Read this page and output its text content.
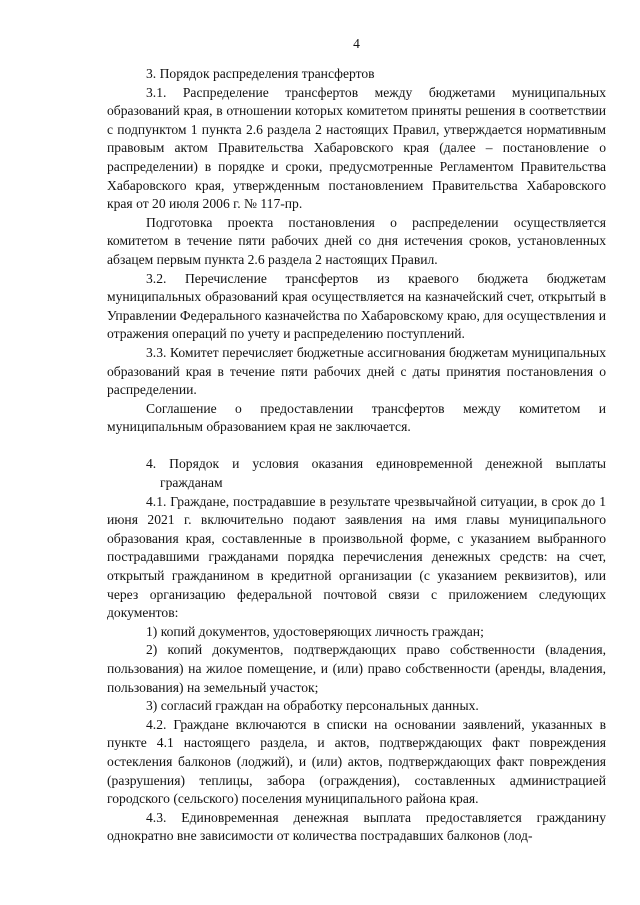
4

3. Порядок распределения трансфертов

3.1. Распределение трансфертов между бюджетами муниципальных образований края, в отношении которых комитетом приняты решения в соответствии с подпунктом 1 пункта 2.6 раздела 2 настоящих Правил, утверждается нормативным правовым актом Правительства Хабаровского края (далее – постановление о распределении) в порядке и сроки, предусмотренные Регламентом Правительства Хабаровского края, утвержденным постановлением Правительства Хабаровского края от 20 июля 2006 г. № 117-пр.

Подготовка проекта постановления о распределении осуществляется комитетом в течение пяти рабочих дней со дня истечения сроков, установленных абзацем первым пункта 2.6 раздела 2 настоящих Правил.

3.2. Перечисление трансфертов из краевого бюджета бюджетам муниципальных образований края осуществляется на казначейский счет, открытый в Управлении Федерального казначейства по Хабаровскому краю, для осуществления и отражения операций по учету и распределению поступлений.

3.3. Комитет перечисляет бюджетные ассигнования бюджетам муниципальных образований края в течение пяти рабочих дней с даты принятия постановления о распределении.

Соглашение о предоставлении трансфертов между комитетом и муниципальным образованием края не заключается.

4. Порядок и условия оказания единовременной денежной выплаты
гражданам

4.1. Граждане, пострадавшие в результате чрезвычайной ситуации, в срок до 1 июня 2021 г. включительно подают заявления на имя главы муниципального образования края, составленные в произвольной форме, с указанием выбранного пострадавшими гражданами порядка перечисления денежных средств: на счет, открытый гражданином в кредитной организации (с указанием реквизитов), или через организацию федеральной почтовой связи с приложением следующих документов:

1) копий документов, удостоверяющих личность граждан;

2) копий документов, подтверждающих право собственности (владения, пользования) на жилое помещение, и (или) право собственности (аренды, владения, пользования) на земельный участок;

3) согласий граждан на обработку персональных данных.

4.2. Граждане включаются в списки на основании заявлений, указанных в пункте 4.1 настоящего раздела, и актов, подтверждающих факт повреждения остекления балконов (лоджий), и (или) актов, подтверждающих факт повреждения (разрушения) теплицы, забора (ограждения), составленных администрацией городского (сельского) поселения муниципального района края.

4.3. Единовременная денежная выплата предоставляется гражданину однократно вне зависимости от количества пострадавших балконов (лод-
